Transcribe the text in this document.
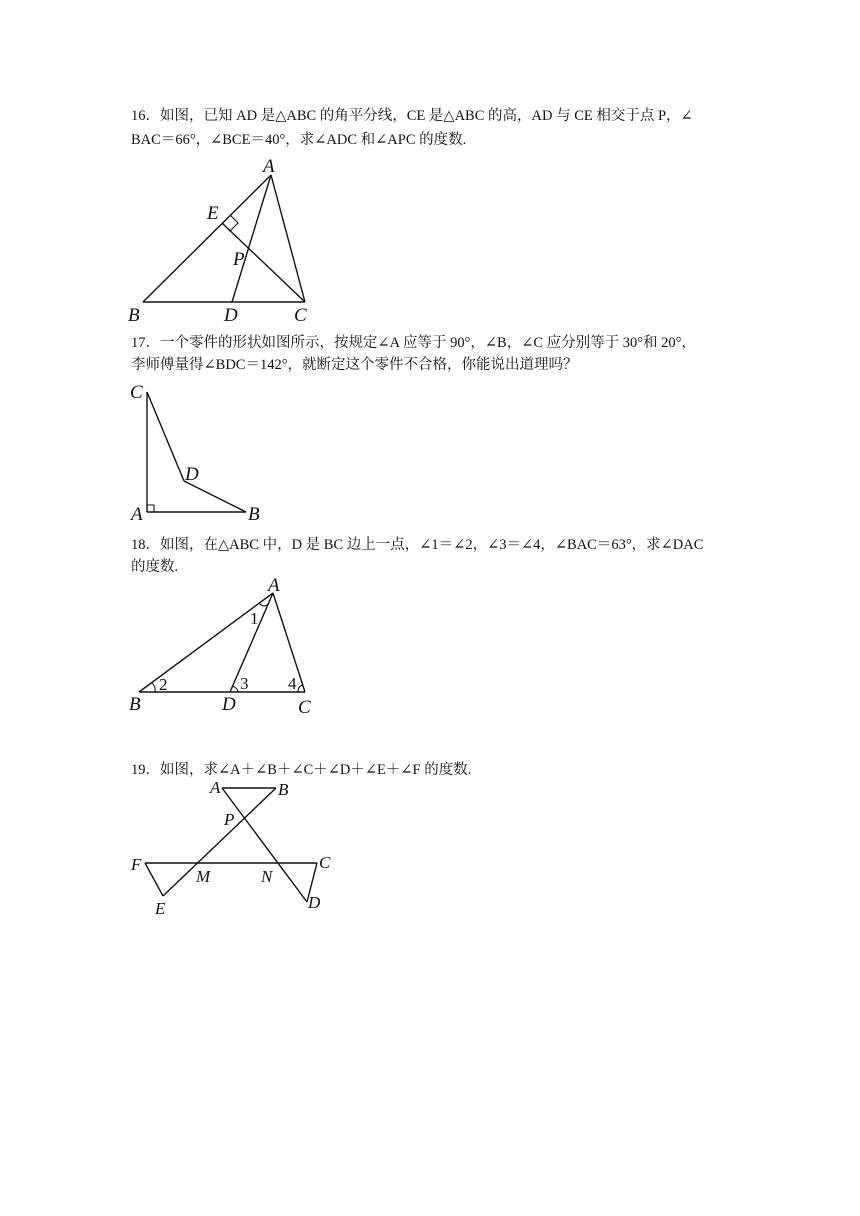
16．如图，已知 AD 是△ABC 的角平分线，CE 是△ABC 的高，AD 与 CE 相交于点 P，∠
BAC＝66°，∠BCE＝40°，求∠ADC 和∠APC 的度数.
A
E
P
B	D	C
17．一个零件的形状如图所示，按规定∠A 应等于 90°，∠B，∠C 应分别等于 30°和 20°，
李师傅量得∠BDC＝142°，就断定这个零件不合格，你能说出道理吗？
C
D
A	B
18．如图，在△ABC 中，D 是 BC 边上一点，∠1＝∠2，∠3＝∠4，∠BAC＝63°，求∠DAC
的度数.
A
1
2	3 4
B	D	C
19．如图，求∠A＋∠B＋∠C＋∠D＋∠E＋∠F 的度数.
A	B
P
F
M	N
C
E	D
